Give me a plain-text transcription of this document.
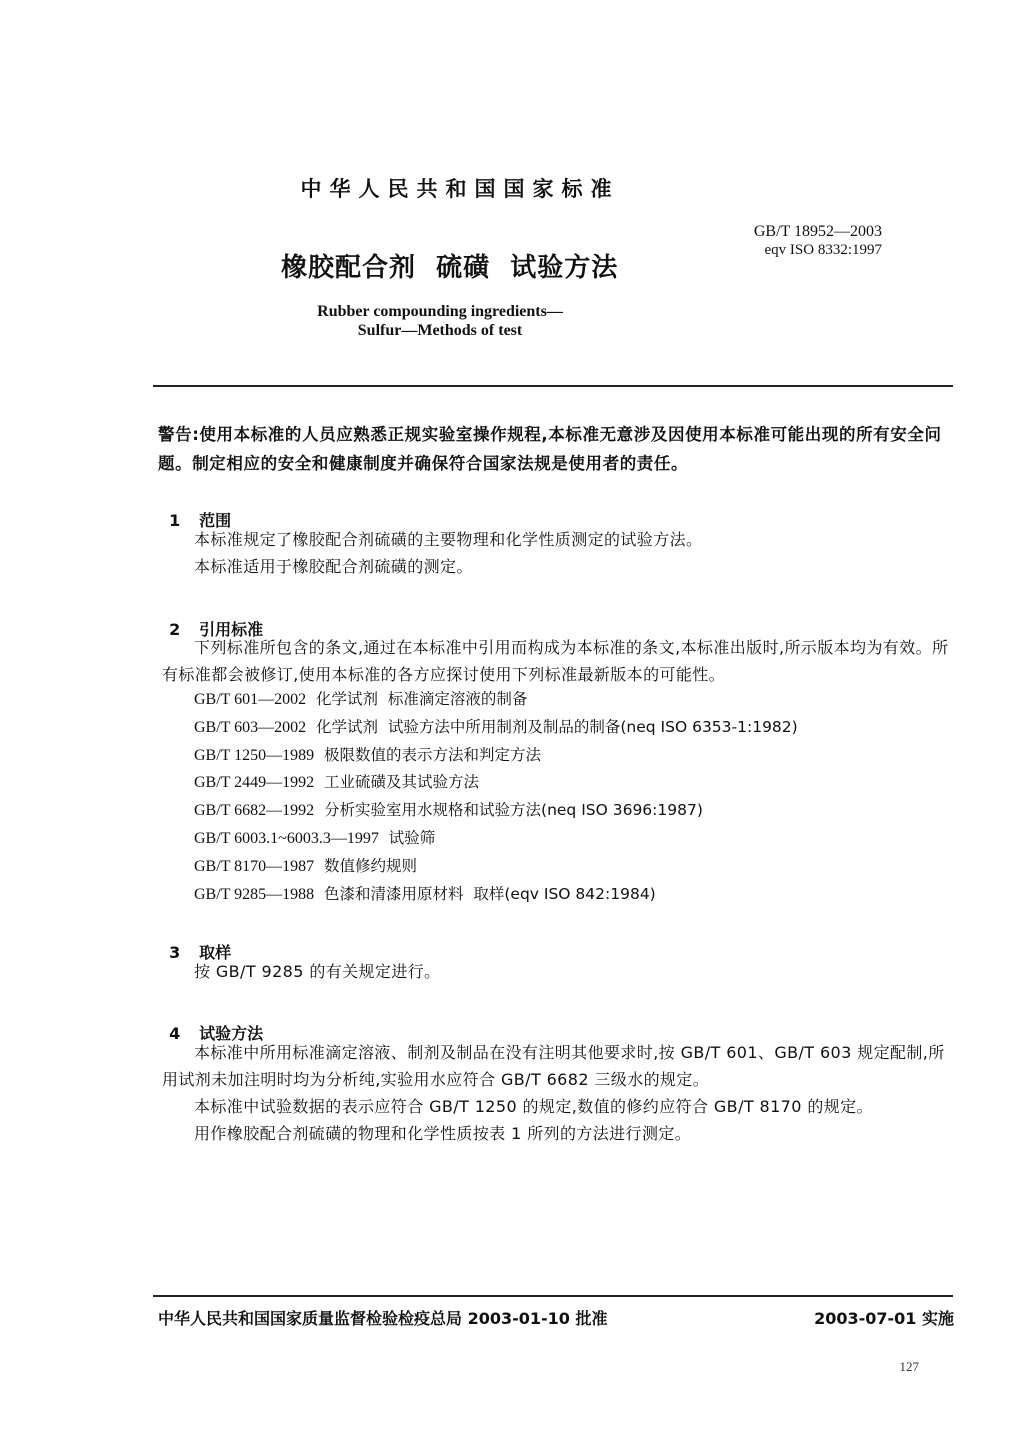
中华人民共和国国家标准
GB/T 18952—2003
eqv ISO 8332:1997
橡胶配合剂  硫磺  试验方法
Rubber compounding ingredients—
Sulfur—Methods of test
警告:使用本标准的人员应熟悉正规实验室操作规程,本标准无意涉及因使用本标准可能出现的所有安全问题。制定相应的安全和健康制度并确保符合国家法规是使用者的责任。

1 范围

本标准规定了橡胶配合剂硫磺的主要物理和化学性质测定的试验方法。

本标准适用于橡胶配合剂硫磺的测定。

2 引用标准

下列标准所包含的条文,通过在本标准中引用而构成为本标准的条文,本标准出版时,所示版本均为有效。所有标准都会被修订,使用本标准的各方应探讨使用下列标准最新版本的可能性。

GB/T 601—2002 化学试剂  标准滴定溶液的制备
GB/T 603—2002 化学试剂  试验方法中所用制剂及制品的制备(neq ISO 6353-1:1982)
GB/T 1250—1989 极限数值的表示方法和判定方法
GB/T 2449—1992 工业硫磺及其试验方法
GB/T 6682—1992 分析实验室用水规格和试验方法(neq ISO 3696:1987)
GB/T 6003.1~6003.3—1997 试验筛
GB/T 8170—1987 数值修约规则
GB/T 9285—1988 色漆和清漆用原材料  取样(eqv ISO 842:1984)

3 取样

按 GB/T 9285 的有关规定进行。

4 试验方法

本标准中所用标准滴定溶液、制剂及制品在没有注明其他要求时,按 GB/T 601、GB/T 603 规定配制,所用试剂未加注明时均为分析纯,实验用水应符合 GB/T 6682 三级水的规定。

本标准中试验数据的表示应符合 GB/T 1250 的规定,数值的修约应符合 GB/T 8170 的规定。

用作橡胶配合剂硫磺的物理和化学性质按表 1 所列的方法进行测定。

中华人民共和国国家质量监督检验检疫总局 2003-01-10 批准	2003-07-01 实施
127
